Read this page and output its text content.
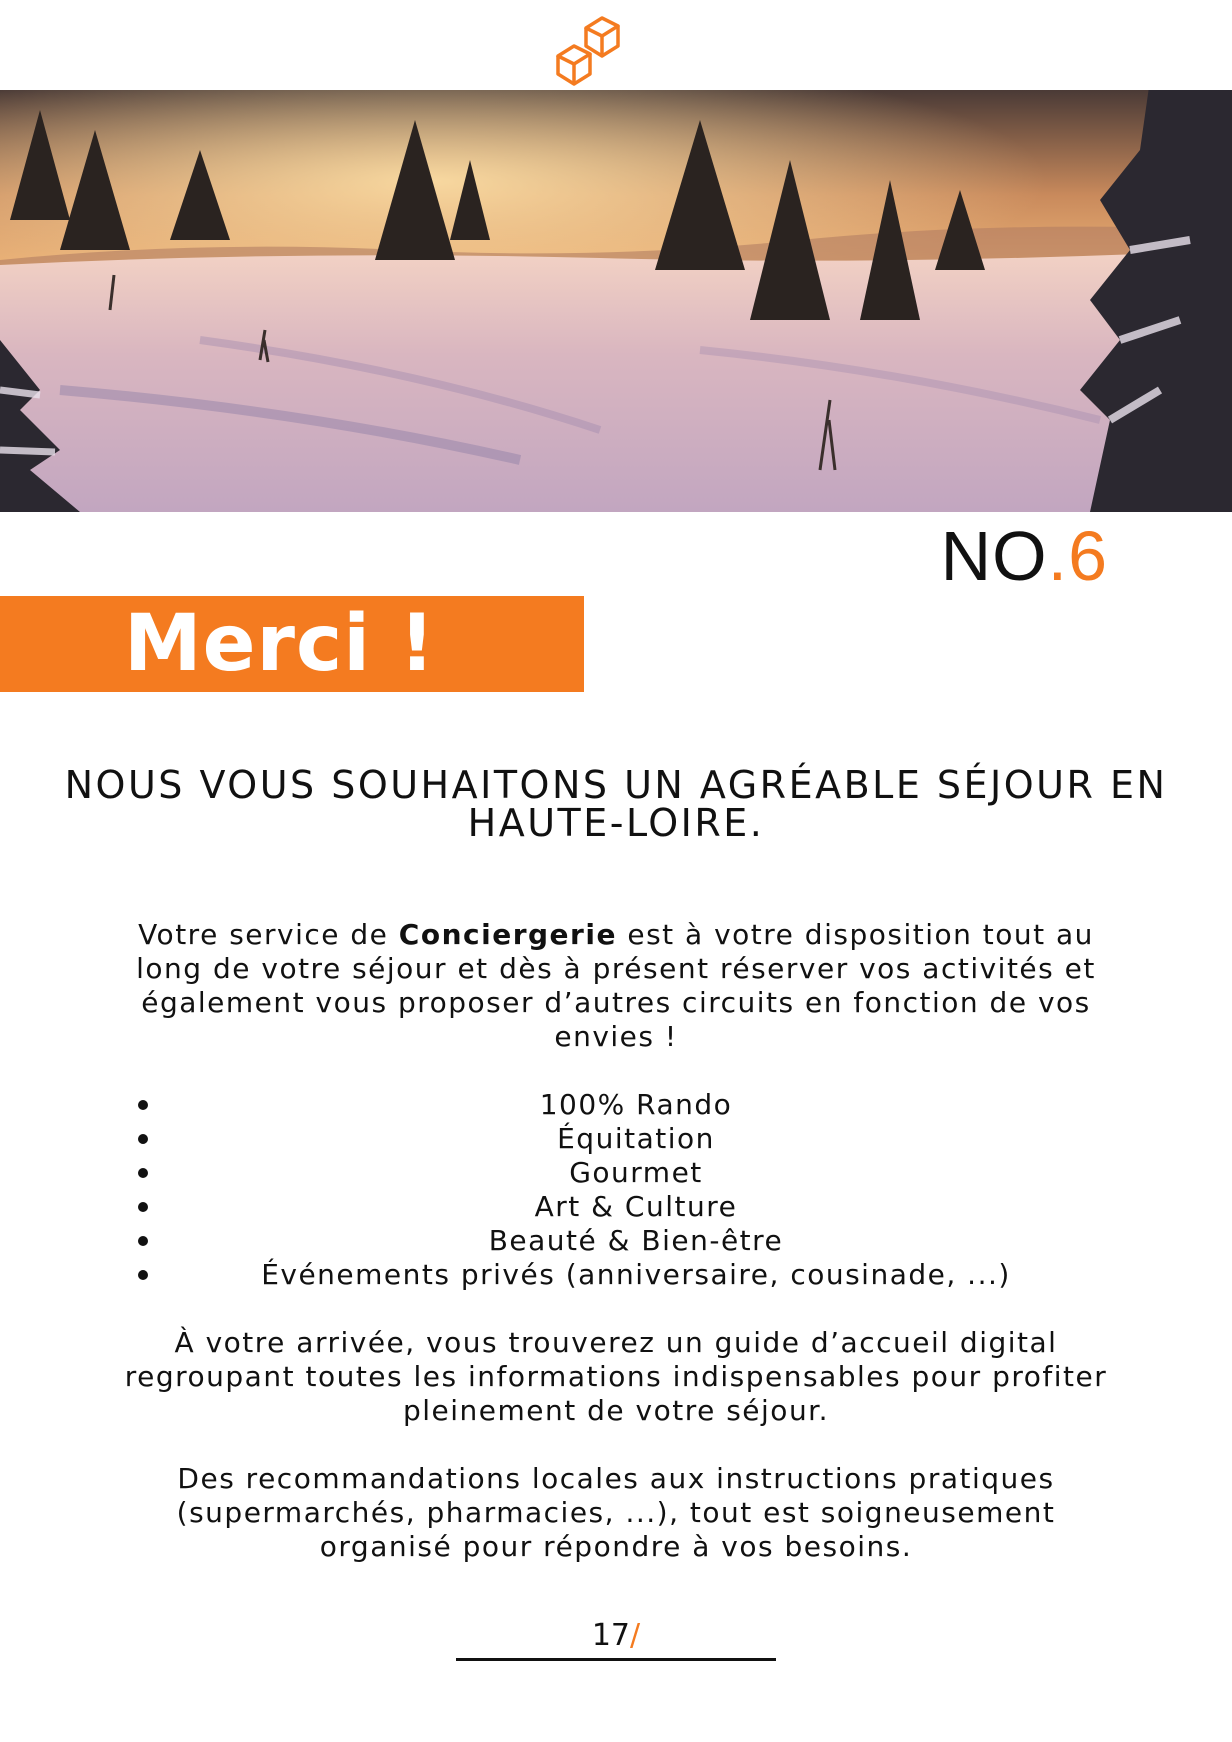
NO.6
Merci !
NOUS VOUS SOUHAITONS UN AGRÉABLE SÉJOUR EN HAUTE-LOIRE.
Votre service de Conciergerie est à votre disposition tout au long de votre séjour et dès à présent réserver vos activités et également vous proposer d’autres circuits en fonction de vos envies !
100% Rando
Équitation
Gourmet
Art & Culture
Beauté & Bien-être
Événements privés (anniversaire, cousinade, ...)
À votre arrivée, vous trouverez un guide d’accueil digital regroupant toutes les informations indispensables pour profiter pleinement de votre séjour.
Des recommandations locales aux instructions pratiques (supermarchés, pharmacies, ...), tout est soigneusement organisé pour répondre à vos besoins.
17/
